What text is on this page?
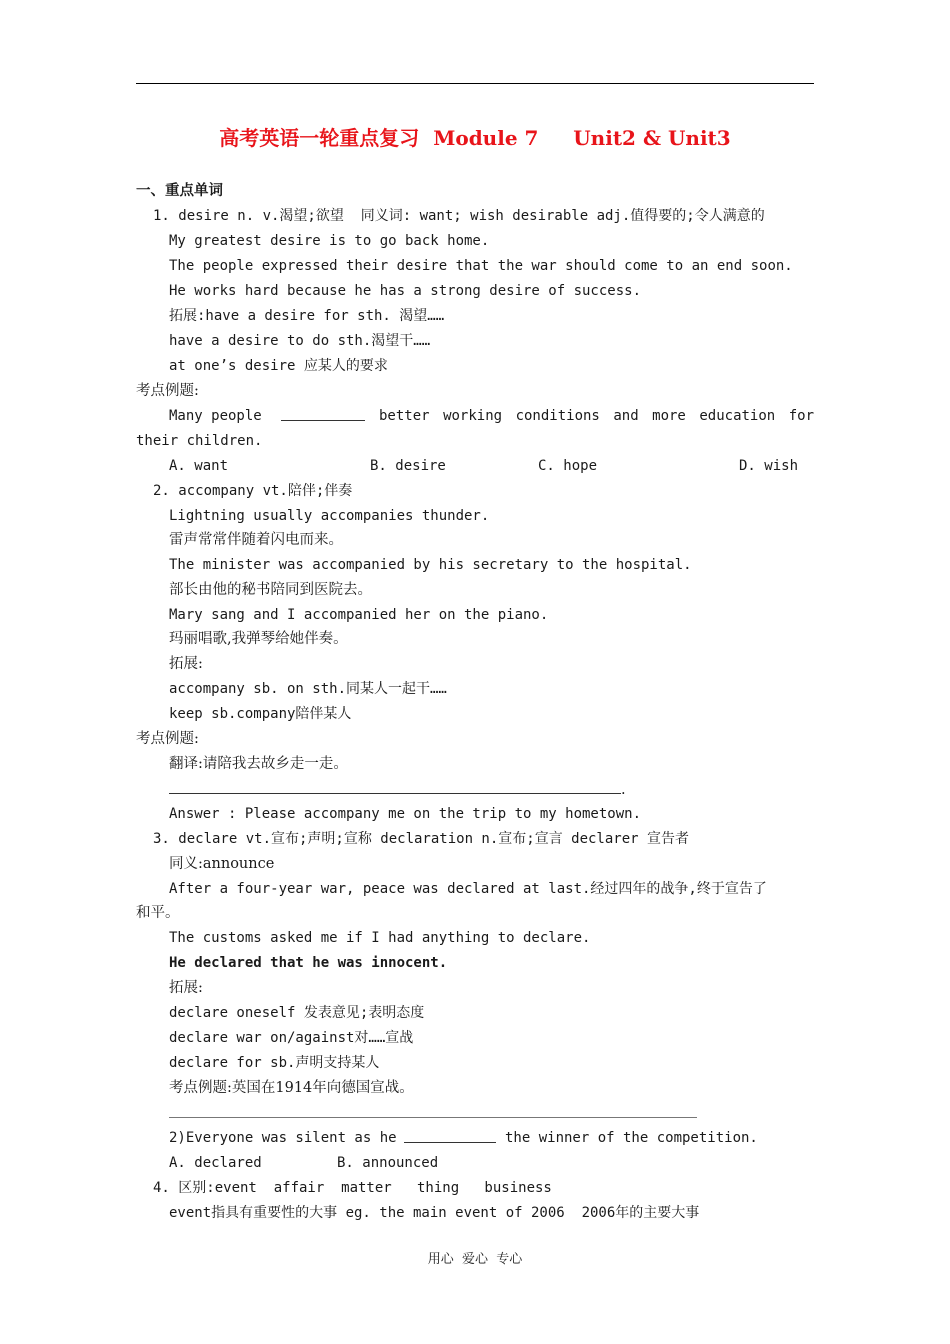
高考英语一轮重点复习  Module 7     Unit2 & Unit3
一、重点单词
1. desire n. v.渴望;欲望  同义词: want; wish desirable adj.值得要的;令人满意的
My greatest desire is to go back home.
The people expressed their desire that the war should come to an end soon.
He works hard because he has a strong desire of success.
拓展:have a desire for sth. 渴望……
have a desire to do sth.渴望干……
at one’s desire 应某人的要求
考点例题:
Many people	better working conditions and more education for
their children.
A. want	B. desire	C. hope	D. wish
2. accompany vt.陪伴;伴奏
Lightning usually accompanies thunder.
雷声常常伴随着闪电而来。
The minister was accompanied by his secretary to the hospital.
部长由他的秘书陪同到医院去。
Mary sang and I accompanied her on the piano.
玛丽唱歌,我弹琴给她伴奏。
拓展:
accompany sb. on sth.同某人一起干……
keep sb.company陪伴某人
考点例题:
翻译:请陪我去故乡走一走。
.
Answer : Please accompany me on the trip to my hometown.
3. declare vt.宣布;声明;宣称 declaration n.宣布;宣言 declarer 宣告者
同义:announce
After a four-year war, peace was declared at last.经过四年的战争,终于宣告了
和平。
The customs asked me if I had anything to declare.
He declared that he was innocent.
拓展:
declare oneself 发表意见;表明态度
declare war on/against对……宣战
declare for sb.声明支持某人
考点例题:英国在1914年向德国宣战。
2)Everyone was silent as he	the winner of the competition.
A. declared	B. announced
4. 区别:event  affair  matter   thing   business
event指具有重要性的大事 eg. the main event of 2006  2006年的主要大事
用心  爱心  专心
